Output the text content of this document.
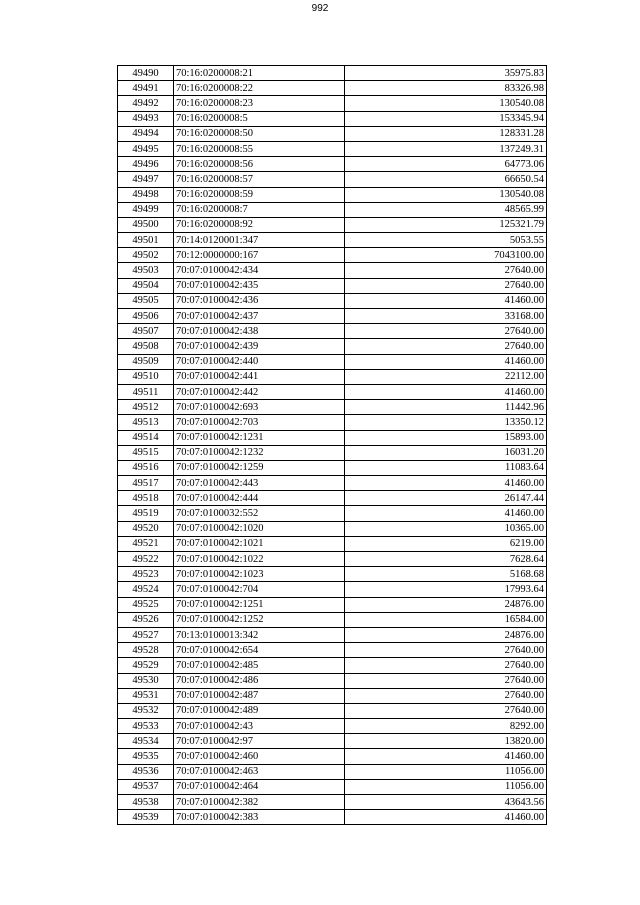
992
49490	70:16:0200008:21	35975.83
49491	70:16:0200008:22	83326.98
49492	70:16:0200008:23	130540.08
49493	70:16:0200008:5	153345.94
49494	70:16:0200008:50	128331.28
49495	70:16:0200008:55	137249.31
49496	70:16:0200008:56	64773.06
49497	70:16:0200008:57	66650.54
49498	70:16:0200008:59	130540.08
49499	70:16:0200008:7	48565.99
49500	70:16:0200008:92	125321.79
49501	70:14:0120001:347	5053.55
49502	70:12:0000000:167	7043100.00
49503	70:07:0100042:434	27640.00
49504	70:07:0100042:435	27640.00
49505	70:07:0100042:436	41460.00
49506	70:07:0100042:437	33168.00
49507	70:07:0100042:438	27640.00
49508	70:07:0100042:439	27640.00
49509	70:07:0100042:440	41460.00
49510	70:07:0100042:441	22112.00
49511	70:07:0100042:442	41460.00
49512	70:07:0100042:693	11442.96
49513	70:07:0100042:703	13350.12
49514	70:07:0100042:1231	15893.00
49515	70:07:0100042:1232	16031.20
49516	70:07:0100042:1259	11083.64
49517	70:07:0100042:443	41460.00
49518	70:07:0100042:444	26147.44
49519	70:07:0100032:552	41460.00
49520	70:07:0100042:1020	10365.00
49521	70:07:0100042:1021	6219.00
49522	70:07:0100042:1022	7628.64
49523	70:07:0100042:1023	5168.68
49524	70:07:0100042:704	17993.64
49525	70:07:0100042:1251	24876.00
49526	70:07:0100042:1252	16584.00
49527	70:13:0100013:342	24876.00
49528	70:07:0100042:654	27640.00
49529	70:07:0100042:485	27640.00
49530	70:07:0100042:486	27640.00
49531	70:07:0100042:487	27640.00
49532	70:07:0100042:489	27640.00
49533	70:07:0100042:43	8292.00
49534	70:07:0100042:97	13820.00
49535	70:07:0100042:460	41460.00
49536	70:07:0100042:463	11056.00
49537	70:07:0100042:464	11056.00
49538	70:07:0100042:382	43643.56
49539	70:07:0100042:383	41460.00
